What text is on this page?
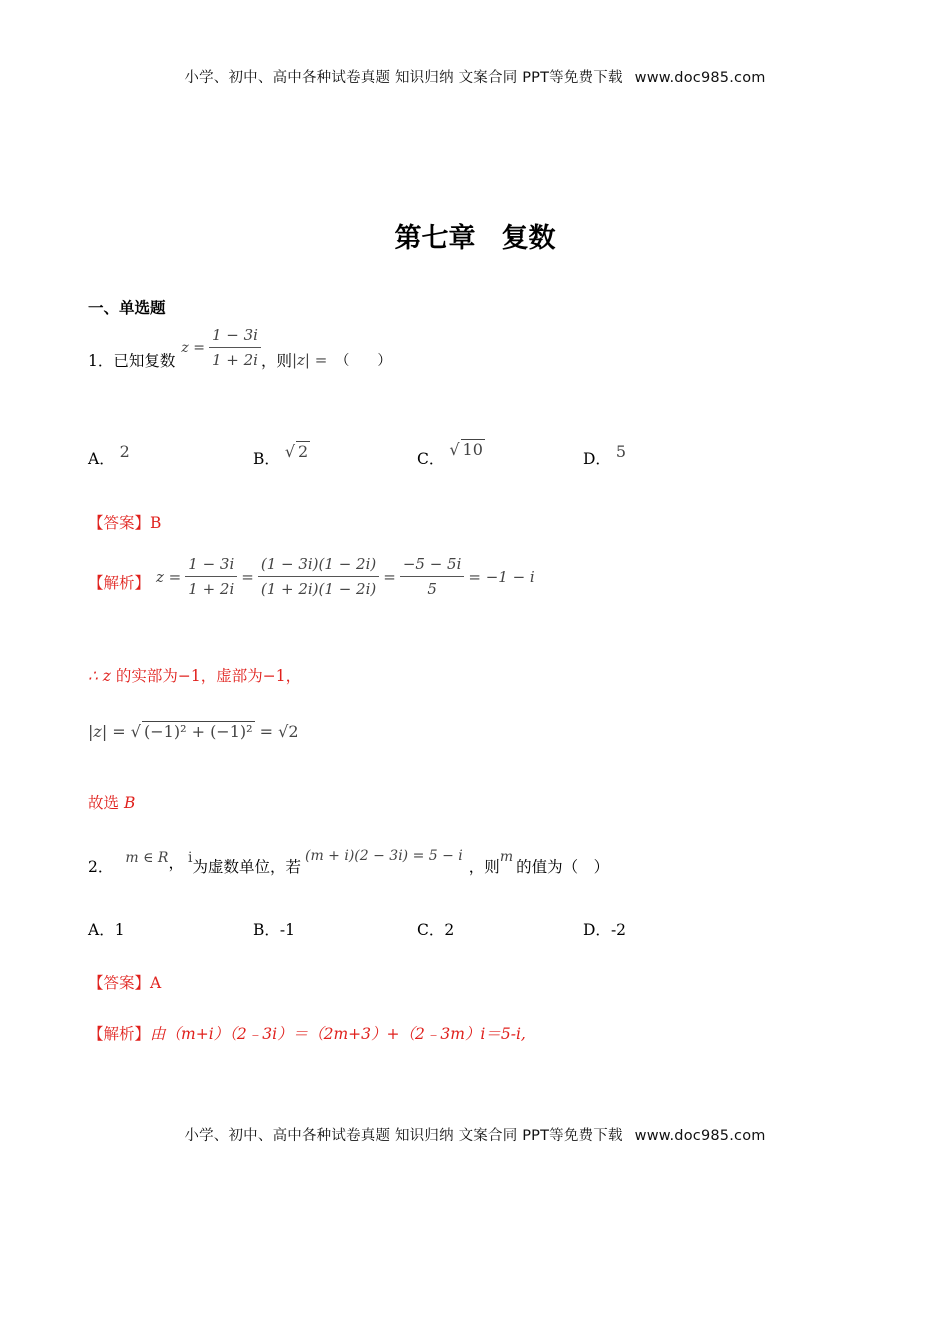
小学、初中、高中各种试卷真题 知识归纳 文案合同 PPT等免费下载 www.doc985.com
第七章 复数
一、单选题
1． 已知复数
$z = \frac{1 - 3i}{1 + 2i}$ ，则 |z| = （　　）
A． 2	B． √ 2	C． √ 10	D． 5
【答案】B
【解析】 $z = \frac{1 - 3i}{1 + 2i} = \frac{(1 - 3i)(1 - 2i)}{(1 + 2i)(1 - 2i)} = \frac{-5 - 5i}{5} = -1 - i$
∴ z 的实部为−1，虚部为−1，
|z| = √ (−1)² + (−1)² = √2
故选 B
2． m ∈ R ， i 为虚数单位，若
(m + i)(2 − 3i) = 5 − i
，则
m
的值为（　）
A．1	B．-1	C．2	D．-2
【答案】A
【解析】由（m+i）（2﹣3i）＝（2m+3）+（2﹣3m）i＝5-i,
小学、初中、高中各种试卷真题 知识归纳 文案合同 PPT等免费下载 www.doc985.com
